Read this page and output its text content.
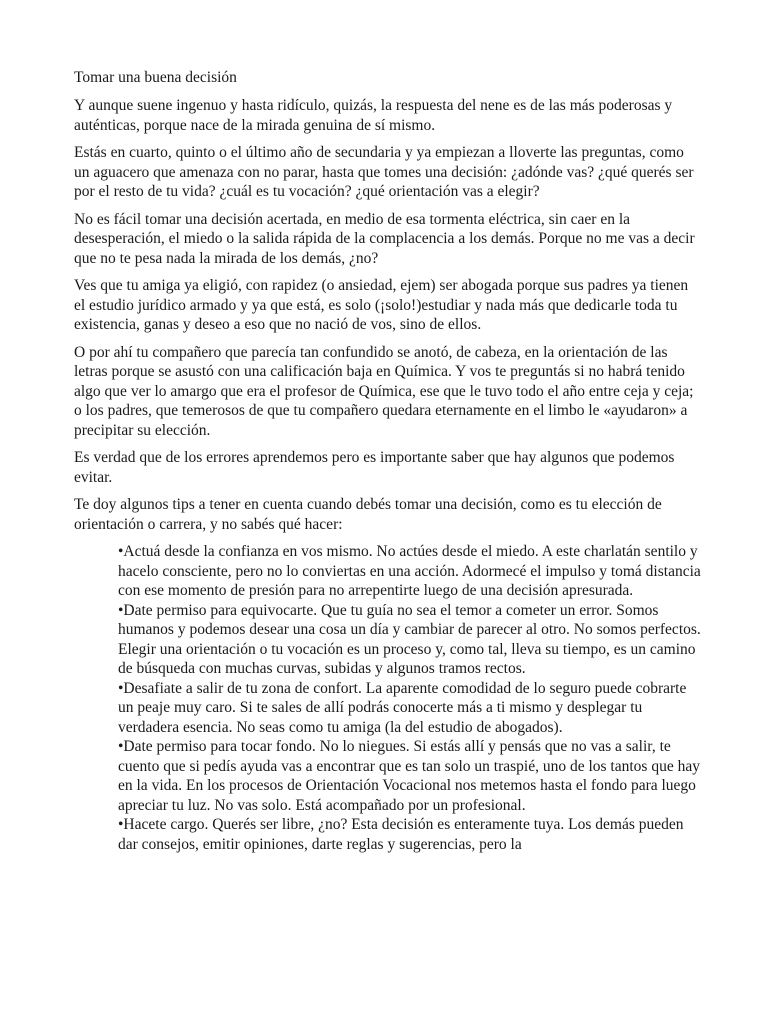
Tomar una buena decisión

Y aunque suene ingenuo y hasta ridículo, quizás, la respuesta del nene es de las más poderosas y auténticas, porque nace de la mirada genuina de sí mismo.

Estás en cuarto, quinto o el último año de secundaria y ya empiezan a lloverte las preguntas, como un aguacero que amenaza con no parar, hasta que tomes una decisión: ¿adónde vas? ¿qué querés ser por el resto de tu vida? ¿cuál es tu vocación? ¿qué orientación vas a elegir?

No es fácil tomar una decisión acertada, en medio de esa tormenta eléctrica, sin caer en la desesperación, el miedo o la salida rápida de la complacencia a los demás. Porque no me vas a decir que no te pesa nada la mirada de los demás, ¿no?

Ves que tu amiga ya eligió, con rapidez (o ansiedad, ejem) ser abogada porque sus padres ya tienen el estudio jurídico armado y ya que está, es solo (¡solo!)estudiar y nada más que dedicarle toda tu existencia, ganas y deseo a eso que no nació de vos, sino de ellos.

O por ahí tu compañero que parecía tan confundido se anotó, de cabeza, en la orientación de las letras porque se asustó con una calificación baja en Química. Y vos te preguntás si no habrá tenido algo que ver lo amargo que era el profesor de Química, ese que le tuvo todo el año entre ceja y ceja; o los padres, que temerosos de que tu compañero quedara eternamente en el limbo le «ayudaron» a precipitar su elección.

Es verdad que de los errores aprendemos pero es importante saber que hay algunos que podemos evitar.

Te doy algunos tips a tener en cuenta cuando debés tomar una decisión, como es tu elección de orientación o carrera, y no sabés qué hacer:

•Actuá desde la confianza en vos mismo. No actúes desde el miedo. A este charlatán sentilo y hacelo consciente, pero no lo conviertas en una acción. Adormecé el impulso y tomá distancia con ese momento de presión para no arrepentirte luego de una decisión apresurada.
•Date permiso para equivocarte. Que tu guía no sea el temor a cometer un error. Somos humanos y podemos desear una cosa un día y cambiar de parecer al otro. No somos perfectos. Elegir una orientación o tu vocación es un proceso y, como tal, lleva su tiempo, es un camino de búsqueda con muchas curvas, subidas y algunos tramos rectos.
•Desafiate a salir de tu zona de confort. La aparente comodidad de lo seguro puede cobrarte un peaje muy caro. Si te sales de allí podrás conocerte más a ti mismo y desplegar tu verdadera esencia. No seas como tu amiga (la del estudio de abogados).
•Date permiso para tocar fondo. No lo niegues. Si estás allí y pensás que no vas a salir, te cuento que si pedís ayuda vas a encontrar que es tan solo un traspié, uno de los tantos que hay en la vida. En los procesos de Orientación Vocacional nos metemos hasta el fondo para luego apreciar tu luz. No vas solo. Está acompañado por un profesional.
•Hacete cargo. Querés ser libre, ¿no? Esta decisión es enteramente tuya. Los demás pueden dar consejos, emitir opiniones, darte reglas y sugerencias, pero la
